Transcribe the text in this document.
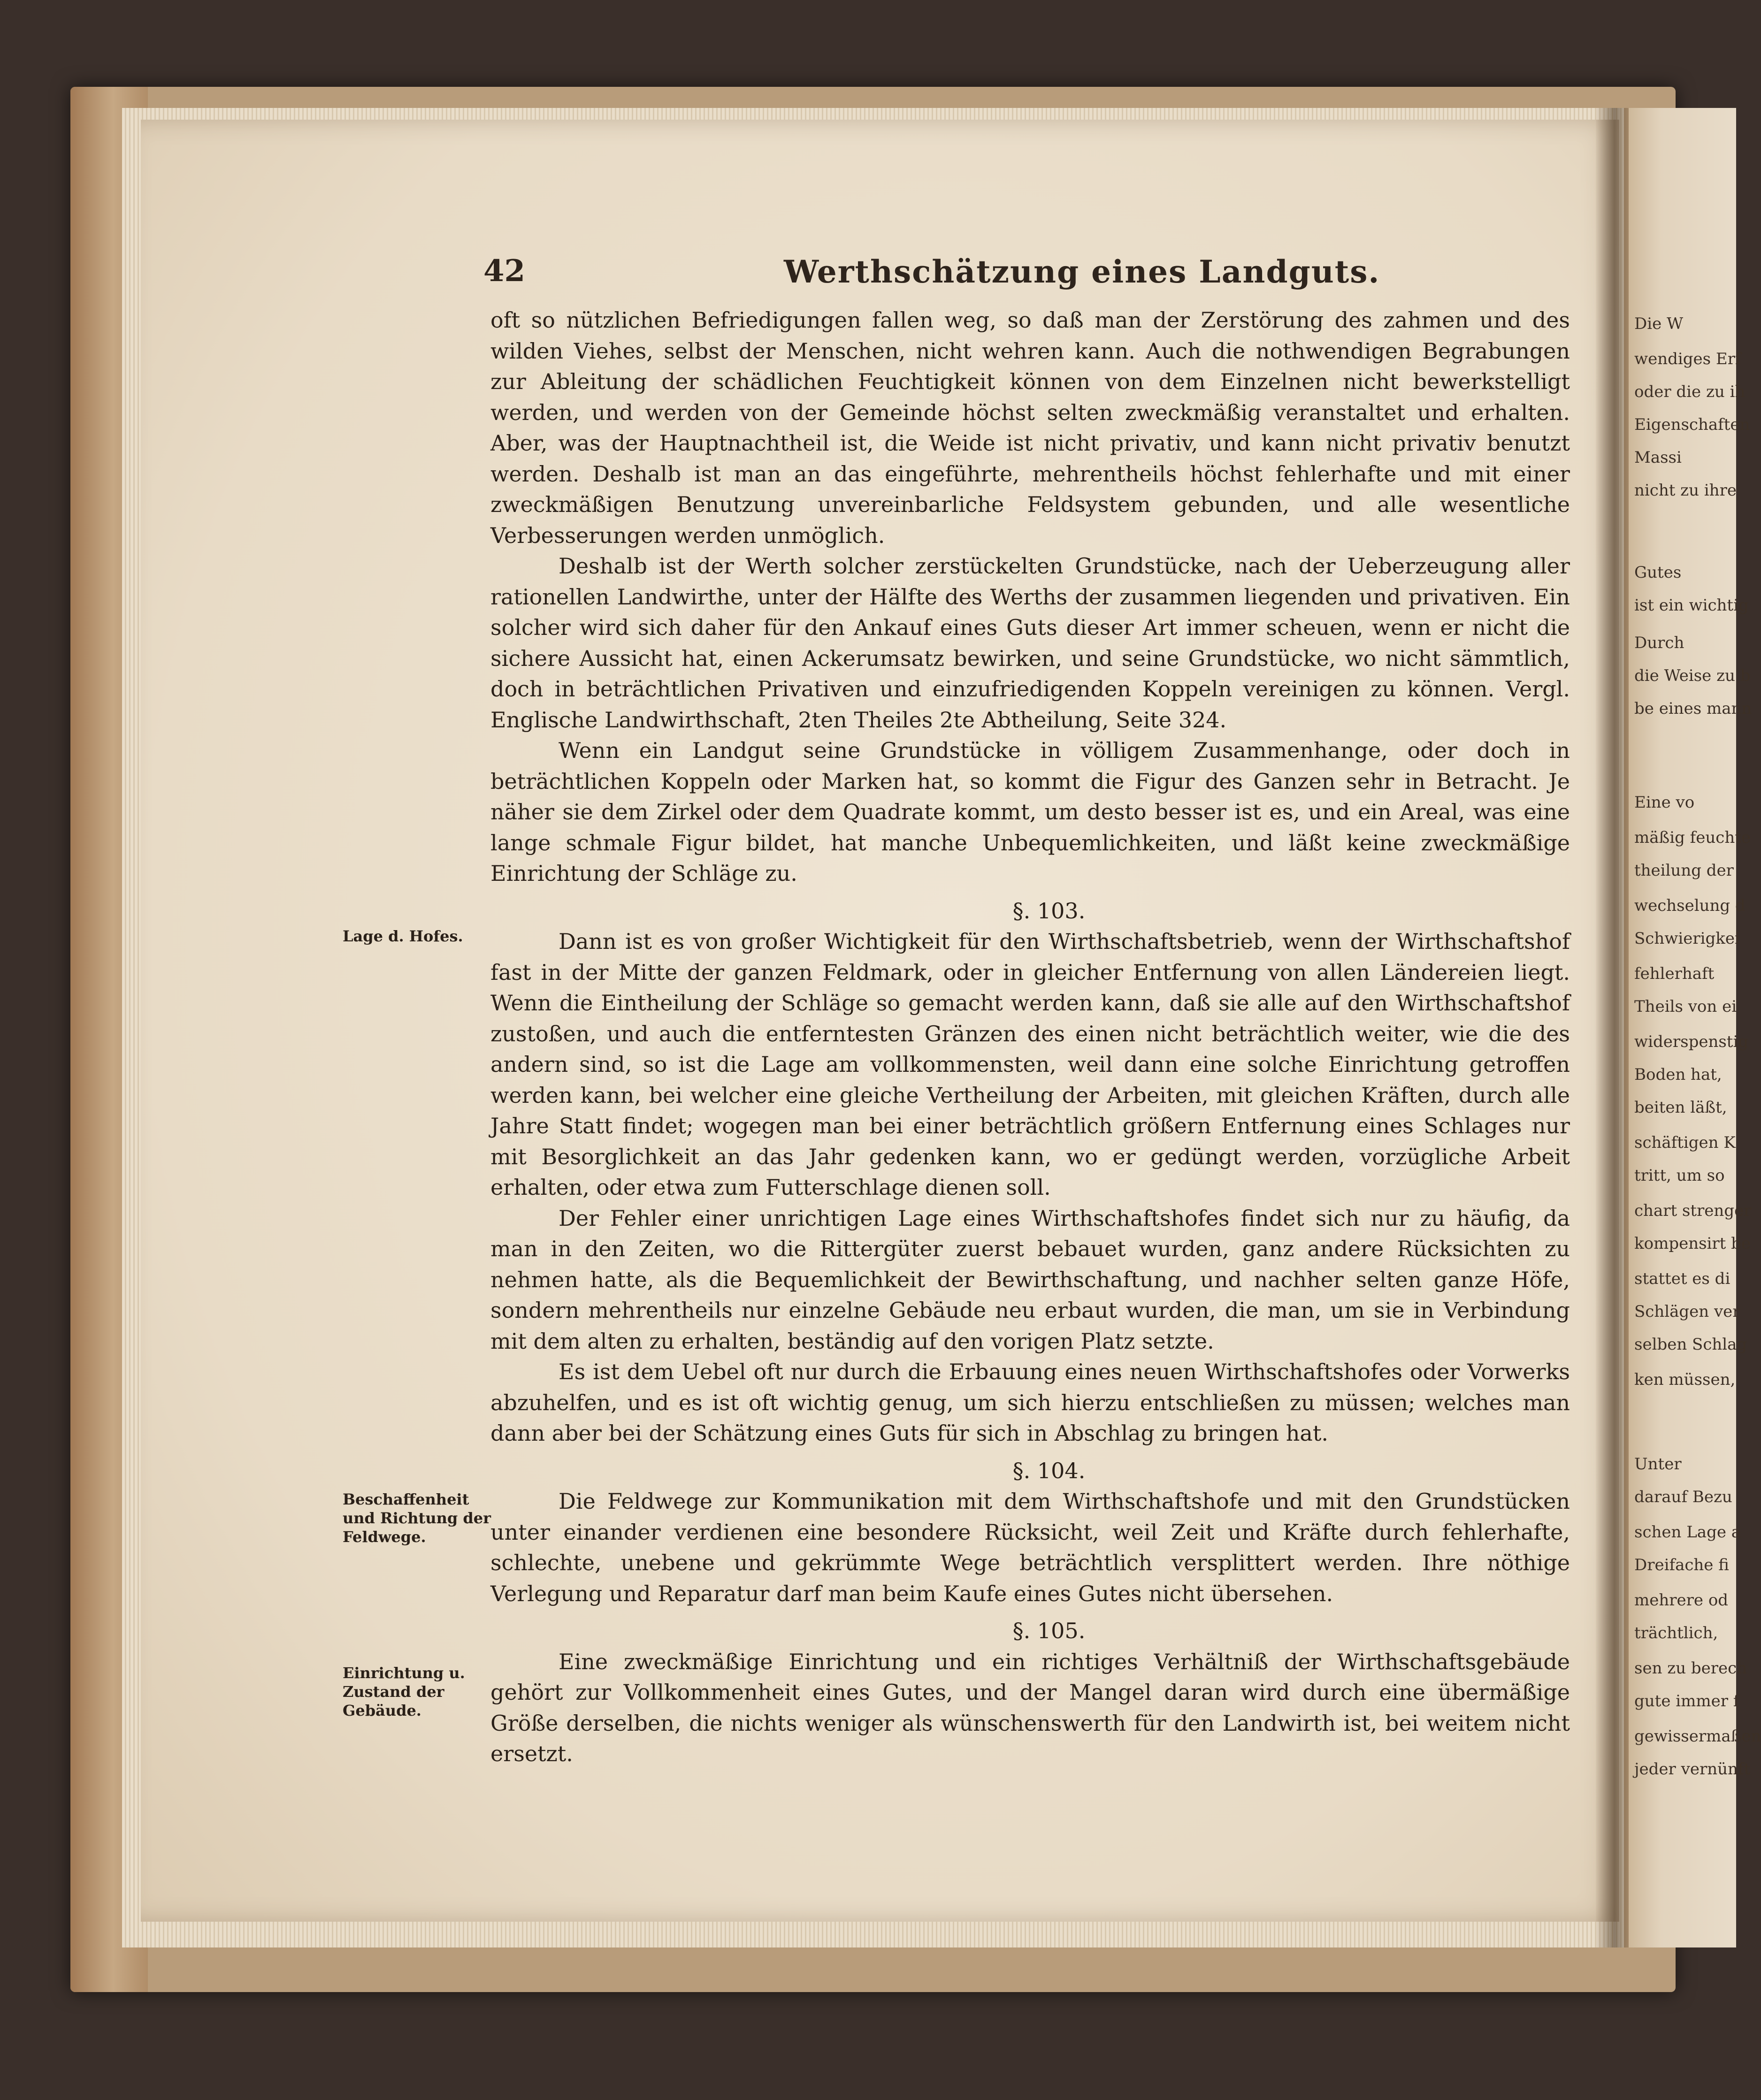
Die W
wendiges Erf
oder die zu ih
Eigenschaften
Massi
nicht zu ihre
Gutes
ist ein wichtig
Durch
die Weise zu b
be eines mann
Eine vo
mäßig feuchte
theilung der
wechselung d
Schwierigkei
fehlerhaft
Theils von ei
widerspenstig
Boden hat,
beiten läßt,
schäftigen K
tritt, um so
chart strenger
kompensirt be
stattet es di
Schlägen ver
selben Schlag
ken müssen,
Unter
darauf Bezu
schen Lage a
Dreifache fi
mehrere od
trächtlich,
sen zu berech
gute immer f
gewissermaßen
jeder vernünft
42	Werthschätzung eines Landguts.

oft so nützlichen Befriedigungen fallen weg, so daß man der Zerstörung des zahmen und des wilden Viehes, selbst der Menschen, nicht wehren kann. Auch die nothwendigen Begrabungen zur Ableitung der schädlichen Feuchtigkeit können von dem Einzelnen nicht bewerkstelligt werden, und werden von der Gemeinde höchst selten zweckmäßig veranstaltet und erhalten. Aber, was der Hauptnachtheil ist, die Weide ist nicht privativ, und kann nicht privativ benutzt werden. Deshalb ist man an das eingeführte, mehrentheils höchst fehlerhafte und mit einer zweckmäßigen Benutzung unvereinbarliche Feldsystem gebunden, und alle wesentliche Verbesserungen werden unmöglich.

Deshalb ist der Werth solcher zerstückelten Grundstücke, nach der Ueberzeugung aller rationellen Landwirthe, unter der Hälfte des Werths der zusammen liegenden und privativen. Ein solcher wird sich daher für den Ankauf eines Guts dieser Art immer scheuen, wenn er nicht die sichere Aussicht hat, einen Ackerumsatz bewirken, und seine Grundstücke, wo nicht sämmtlich, doch in beträchtlichen Privativen und einzufriedigenden Koppeln vereinigen zu können. Vergl. Englische Landwirthschaft, 2ten Theiles 2te Abtheilung, Seite 324.

Wenn ein Landgut seine Grundstücke in völligem Zusammenhange, oder doch in beträchtlichen Koppeln oder Marken hat, so kommt die Figur des Ganzen sehr in Betracht. Je näher sie dem Zirkel oder dem Quadrate kommt, um desto besser ist es, und ein Areal, was eine lange schmale Figur bildet, hat manche Unbequemlichkeiten, und läßt keine zweckmäßige Einrichtung der Schläge zu.

§. 103.

Dann ist es von großer Wichtigkeit für den Wirthschaftsbetrieb, wenn der Wirthschaftshof fast in der Mitte der ganzen Feldmark, oder in gleicher Entfernung von allen Ländereien liegt. Wenn die Eintheilung der Schläge so gemacht werden kann, daß sie alle auf den Wirthschaftshof zustoßen, und auch die entferntesten Gränzen des einen nicht beträchtlich weiter, wie die des andern sind, so ist die Lage am vollkommensten, weil dann eine solche Einrichtung getroffen werden kann, bei welcher eine gleiche Vertheilung der Arbeiten, mit gleichen Kräften, durch alle Jahre Statt findet; wogegen man bei einer beträchtlich größern Entfernung eines Schlages nur mit Besorglichkeit an das Jahr gedenken kann, wo er gedüngt werden, vorzügliche Arbeit erhalten, oder etwa zum Futterschlage dienen soll.

Der Fehler einer unrichtigen Lage eines Wirthschaftshofes findet sich nur zu häufig, da man in den Zeiten, wo die Rittergüter zuerst bebauet wurden, ganz andere Rücksichten zu nehmen hatte, als die Bequemlichkeit der Bewirthschaftung, und nachher selten ganze Höfe, sondern mehrentheils nur einzelne Gebäude neu erbaut wurden, die man, um sie in Verbindung mit dem alten zu erhalten, beständig auf den vorigen Platz setzte.

Es ist dem Uebel oft nur durch die Erbauung eines neuen Wirthschaftshofes oder Vorwerks abzuhelfen, und es ist oft wichtig genug, um sich hierzu entschließen zu müssen; welches man dann aber bei der Schätzung eines Guts für sich in Abschlag zu bringen hat.

§. 104.

Die Feldwege zur Kommunikation mit dem Wirthschaftshofe und mit den Grundstücken unter einander verdienen eine besondere Rücksicht, weil Zeit und Kräfte durch fehlerhafte, schlechte, unebene und gekrümmte Wege beträchtlich versplittert werden. Ihre nöthige Verlegung und Reparatur darf man beim Kaufe eines Gutes nicht übersehen.

§. 105.

Eine zweckmäßige Einrichtung und ein richtiges Verhältniß der Wirthschaftsgebäude gehört zur Vollkommenheit eines Gutes, und der Mangel daran wird durch eine übermäßige Größe derselben, die nichts weniger als wünschenswerth für den Landwirth ist, bei weitem nicht ersetzt.

Lage d. Hofes.
Beschaffenheit und Richtung der Feldwege.
Einrichtung u. Zustand der Gebäude.
